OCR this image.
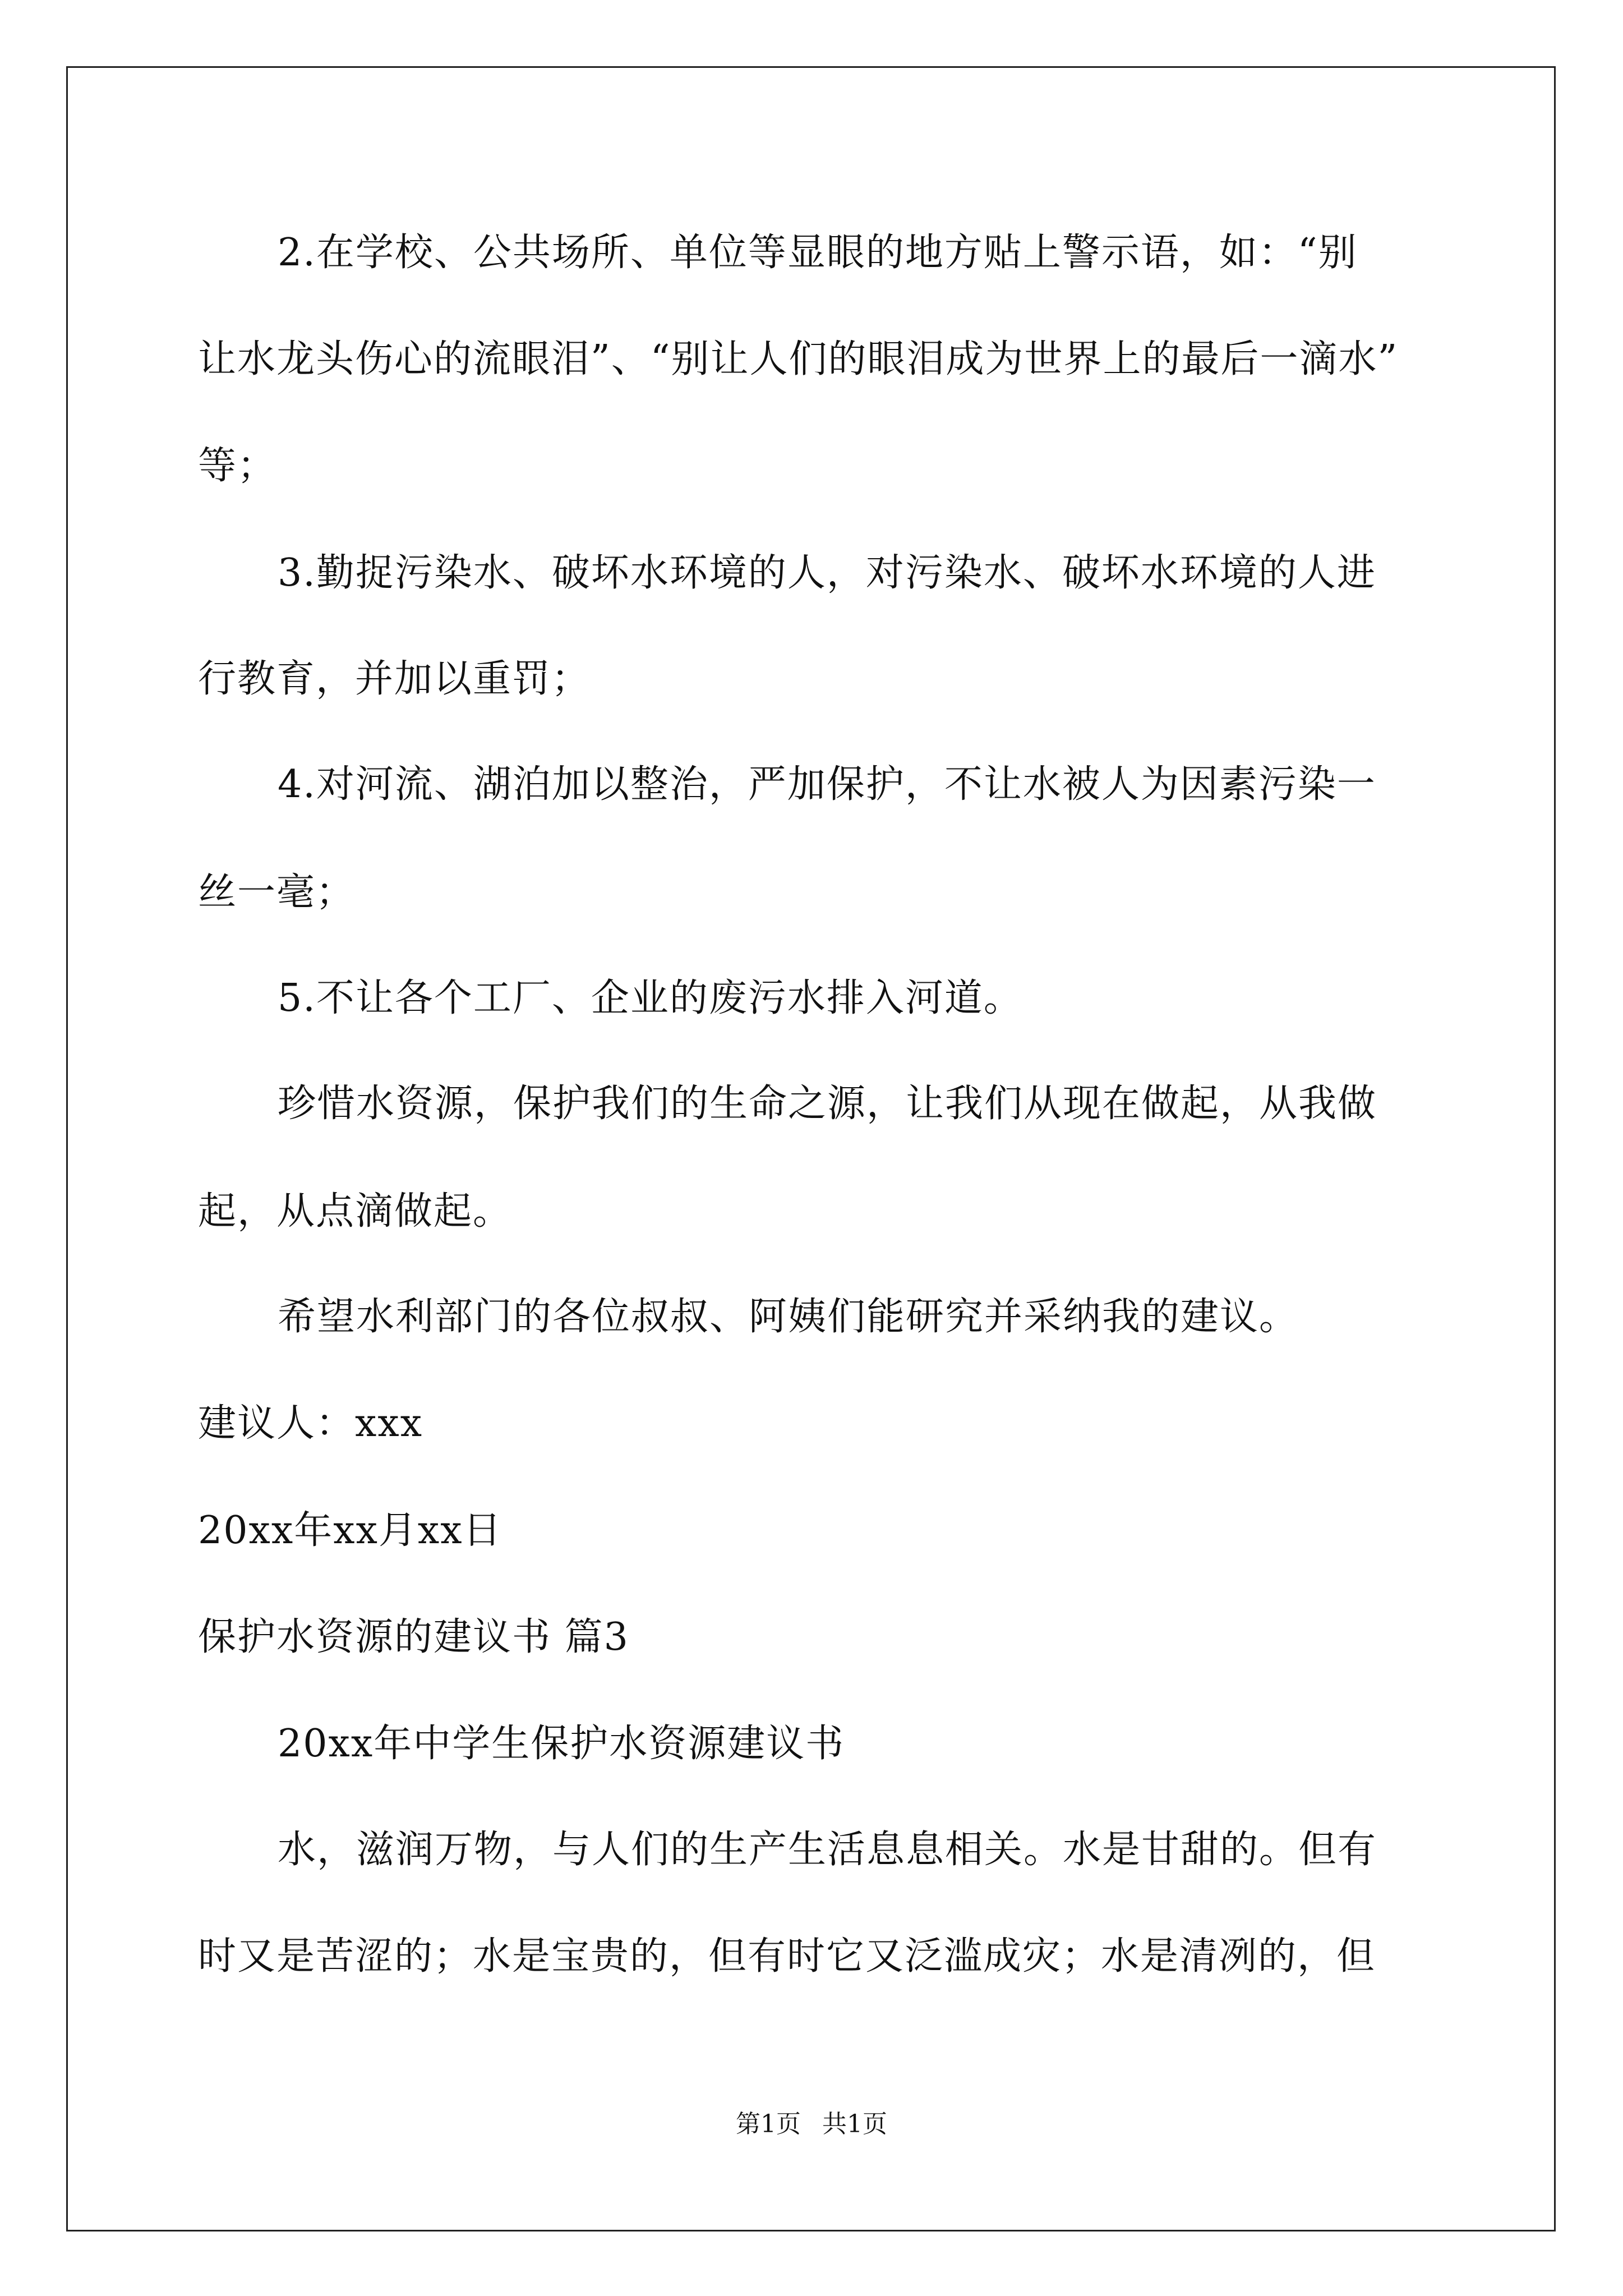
2.在学校、公共场所、单位等显眼的地方贴上警示语，如：“别
让水龙头伤心的流眼泪”、“别让人们的眼泪成为世界上的最后一滴水”
等；
3.勤捉污染水、破坏水环境的人，对污染水、破坏水环境的人进
行教育，并加以重罚；
4.对河流、湖泊加以整治，严加保护，不让水被人为因素污染一
丝一毫；
5.不让各个工厂、企业的废污水排入河道。
珍惜水资源，保护我们的生命之源，让我们从现在做起，从我做
起，从点滴做起。
希望水利部门的各位叔叔、阿姨们能研究并采纳我的建议。
建议人：xxx
20xx年xx月xx日
保护水资源的建议书 篇3
20xx年中学生保护水资源建议书
水，滋润万物，与人们的生产生活息息相关。水是甘甜的。但有
时又是苦涩的；水是宝贵的，但有时它又泛滥成灾；水是清冽的，但
第1页 共1页
